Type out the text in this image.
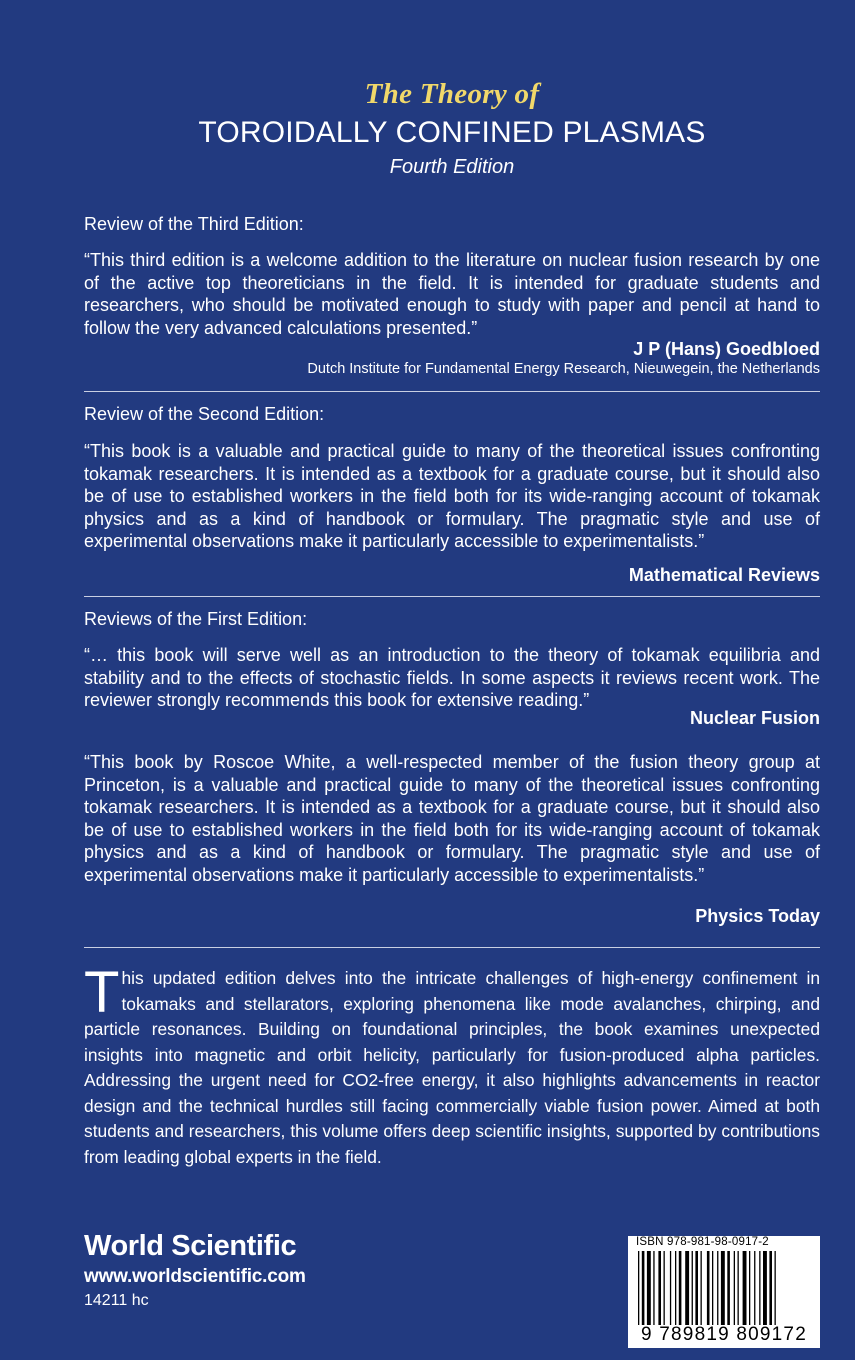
The Theory of
TOROIDALLY CONFINED PLASMAS
Fourth Edition
Review of the Third Edition:
“This third edition is a welcome addition to the literature on nuclear fusion research by one of the active top theoreticians in the field. It is intended for graduate students and researchers, who should be motivated enough to study with paper and pencil at hand to follow the very advanced calculations presented.”
J P (Hans) Goedbloed
Dutch Institute for Fundamental Energy Research, Nieuwegein, the Netherlands
Review of the Second Edition:
“This book is a valuable and practical guide to many of the theoretical issues confronting tokamak researchers. It is intended as a textbook for a graduate course, but it should also be of use to established workers in the field both for its wide-ranging account of tokamak physics and as a kind of handbook or formulary. The pragmatic style and use of experimental observations make it particularly accessible to experimentalists.”
Mathematical Reviews
Reviews of the First Edition:
“… this book will serve well as an introduction to the theory of tokamak equilibria and stability and to the effects of stochastic fields. In some aspects it reviews recent work. The reviewer strongly recommends this book for extensive reading.”
Nuclear Fusion
“This book by Roscoe White, a well-respected member of the fusion theory group at Princeton, is a valuable and practical guide to many of the theoretical issues confronting tokamak researchers. It is intended as a textbook for a graduate course, but it should also be of use to established workers in the field both for its wide-ranging account of tokamak physics and as a kind of handbook or formulary. The pragmatic style and use of experimental observations make it particularly accessible to experimentalists.”
Physics Today
This updated edition delves into the intricate challenges of high-energy confinement in tokamaks and stellarators, exploring phenomena like mode avalanches, chirping, and particle resonances. Building on foundational principles, the book examines unexpected insights into magnetic and orbit helicity, particularly for fusion-produced alpha particles. Addressing the urgent need for CO2-free energy, it also highlights advancements in reactor design and the technical hurdles still facing commercially viable fusion power. Aimed at both students and researchers, this volume offers deep scientific insights, supported by contributions from leading global experts in the field.
World Scientific
www.worldscientific.com
14211 hc
ISBN 978-981-98-0917-2
9 789819 809172
